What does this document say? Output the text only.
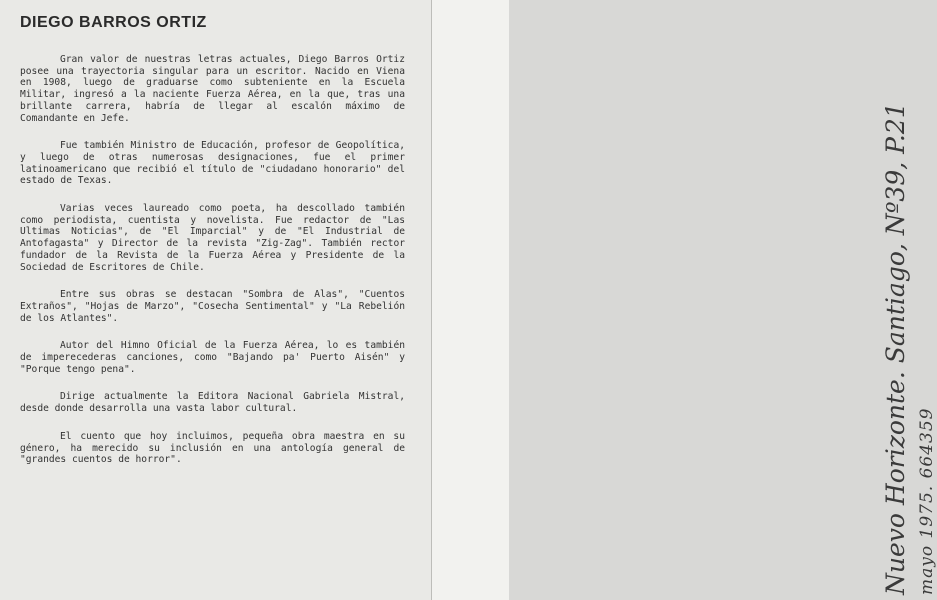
DIEGO BARROS ORTIZ

Gran valor de nuestras letras actuales, Diego Barros Ortiz posee una trayectoria singular para un escritor. Nacido en Viena en 1908, luego de graduarse como subteniente en la Escuela Militar, ingresó a la naciente Fuerza Aérea, en la que, tras una brillante carrera, habría de llegar al escalón máximo de Comandante en Jefe.

Fue también Ministro de Educación, profesor de Geopolítica, y luego de otras numerosas designaciones, fue el primer latinoamericano que recibió el título de "ciudadano honorario" del estado de Texas.

Varias veces laureado como poeta, ha descollado también como periodista, cuentista y novelista. Fue redactor de "Las Ultimas Noticias", de "El Imparcial" y de "El Industrial de Antofagasta" y Director de la revista "Zig-Zag". También rector fundador de la Revista de la Fuerza Aérea y Presidente de la Sociedad de Escritores de Chile.

Entre sus obras se destacan "Sombra de Alas", "Cuentos Extraños", "Hojas de Marzo", "Cosecha Sentimental" y "La Rebelión de los Atlantes".

Autor del Himno Oficial de la Fuerza Aérea, lo es también de imperecederas canciones, como "Bajando pa' Puerto Aisén" y "Porque tengo pena".

Dirige actualmente la Editora Nacional Gabriela Mistral, desde donde desarrolla una vasta labor cultural.

El cuento que hoy incluimos, pequeña obra maestra en su género, ha merecido su inclusión en una antología general de "grandes cuentos de horror".	Nuevo Horizonte. Santiago, Nº39, P.21 mayo 1975. 664359
